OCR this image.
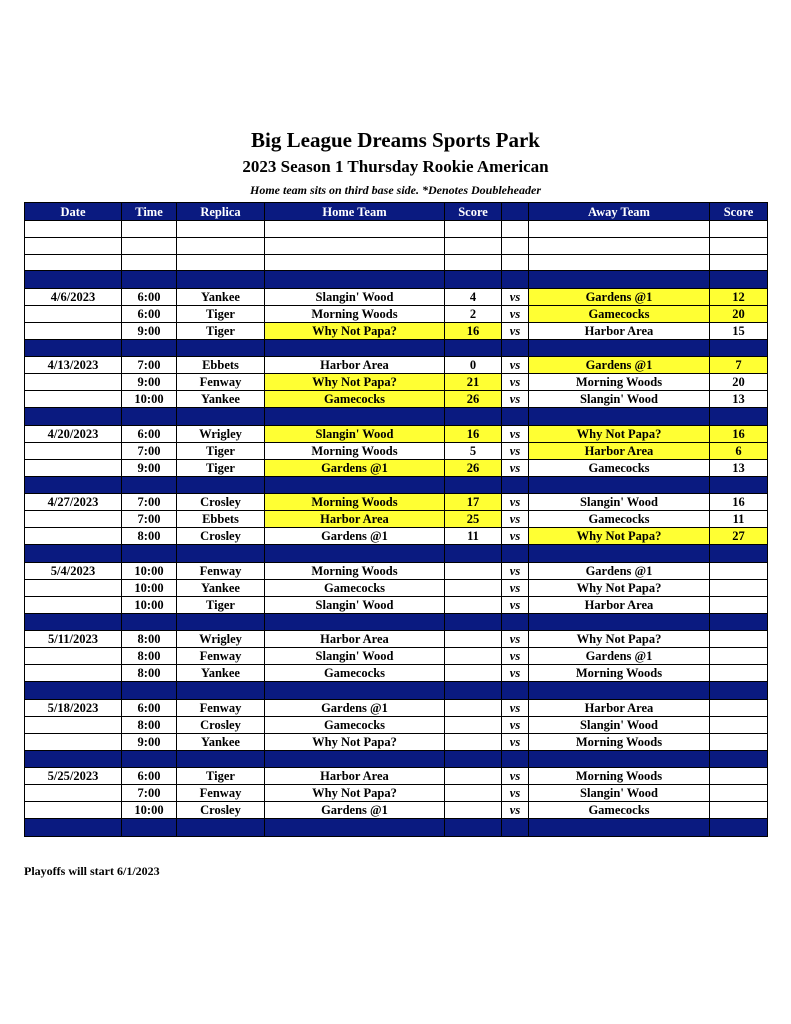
Big League Dreams Sports Park
2023 Season 1 Thursday Rookie American
Home team sits on third base side. *Denotes Doubleheader
Date	Time	Replica	Home Team	Score		Away Team	Score

4/6/2023	6:00	Yankee	Slangin' Wood	4	vs	Gardens @1	12
	6:00	Tiger	Morning Woods	2	vs	Gamecocks	20
	9:00	Tiger	Why Not Papa?	16	vs	Harbor Area	15

4/13/2023	7:00	Ebbets	Harbor Area	0	vs	Gardens @1	7
	9:00	Fenway	Why Not Papa?	21	vs	Morning Woods	20
	10:00	Yankee	Gamecocks	26	vs	Slangin' Wood	13

4/20/2023	6:00	Wrigley	Slangin' Wood	16	vs	Why Not Papa?	16
	7:00	Tiger	Morning Woods	5	vs	Harbor Area	6
	9:00	Tiger	Gardens @1	26	vs	Gamecocks	13

4/27/2023	7:00	Crosley	Morning Woods	17	vs	Slangin' Wood	16
	7:00	Ebbets	Harbor Area	25	vs	Gamecocks	11
	8:00	Crosley	Gardens @1	11	vs	Why Not Papa?	27

5/4/2023	10:00	Fenway	Morning Woods		vs	Gardens @1	
	10:00	Yankee	Gamecocks		vs	Why Not Papa?	
	10:00	Tiger	Slangin' Wood		vs	Harbor Area	

5/11/2023	8:00	Wrigley	Harbor Area		vs	Why Not Papa?	
	8:00	Fenway	Slangin' Wood		vs	Gardens @1	
	8:00	Yankee	Gamecocks		vs	Morning Woods	

5/18/2023	6:00	Fenway	Gardens @1		vs	Harbor Area	
	8:00	Crosley	Gamecocks		vs	Slangin' Wood	
	9:00	Yankee	Why Not Papa?		vs	Morning Woods	

5/25/2023	6:00	Tiger	Harbor Area		vs	Morning Woods	
	7:00	Fenway	Why Not Papa?		vs	Slangin' Wood	
	10:00	Crosley	Gardens @1		vs	Gamecocks	

Playoffs will start 6/1/2023
